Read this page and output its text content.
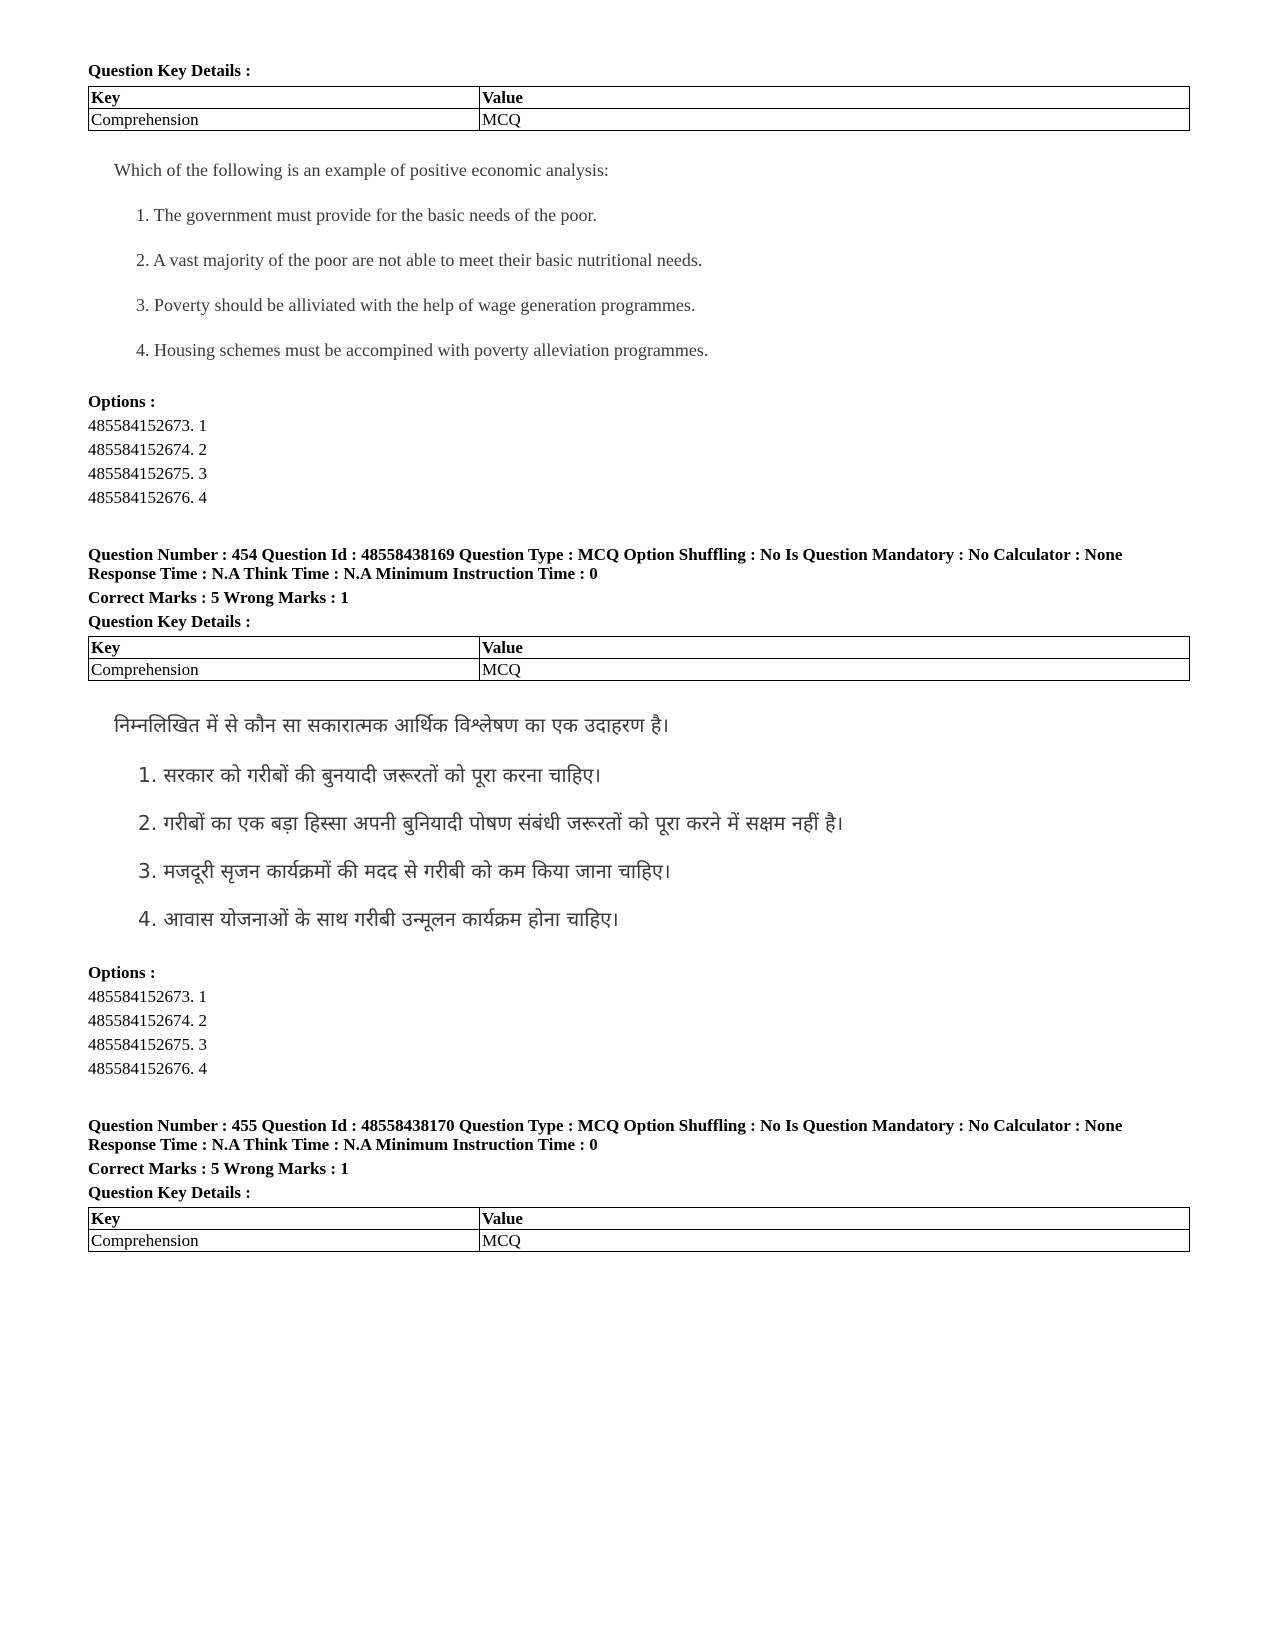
Question Key Details :
Key	Value
Comprehension	MCQ
Which of the following is an example of positive economic analysis:
1. The government must provide for the basic needs of the poor.
2. A vast majority of the poor are not able to meet their basic nutritional needs.
3. Poverty should be alliviated with the help of wage generation programmes.
4. Housing schemes must be accompined with poverty alleviation programmes.
Options :
485584152673. 1
485584152674. 2
485584152675. 3
485584152676. 4
Question Number : 454 Question Id : 48558438169 Question Type : MCQ Option Shuffling : No Is Question Mandatory : No Calculator : None
Response Time : N.A Think Time : N.A Minimum Instruction Time : 0
Correct Marks : 5 Wrong Marks : 1
Question Key Details :
Key	Value
Comprehension	MCQ
निम्नलिखित में से कौन सा सकारात्मक आर्थिक विश्लेषण का एक उदाहरण है।
1. सरकार को गरीबों की बुनयादी जरूरतों को पूरा करना चाहिए।
2. गरीबों का एक बड़ा हिस्सा अपनी बुनियादी पोषण संबंधी जरूरतों को पूरा करने में सक्षम नहीं है।
3. मजदूरी सृजन कार्यक्रमों की मदद से गरीबी को कम किया जाना चाहिए।
4. आवास योजनाओं के साथ गरीबी उन्मूलन कार्यक्रम होना चाहिए।
Options :
485584152673. 1
485584152674. 2
485584152675. 3
485584152676. 4
Question Number : 455 Question Id : 48558438170 Question Type : MCQ Option Shuffling : No Is Question Mandatory : No Calculator : None
Response Time : N.A Think Time : N.A Minimum Instruction Time : 0
Correct Marks : 5 Wrong Marks : 1
Question Key Details :
Key	Value
Comprehension	MCQ
